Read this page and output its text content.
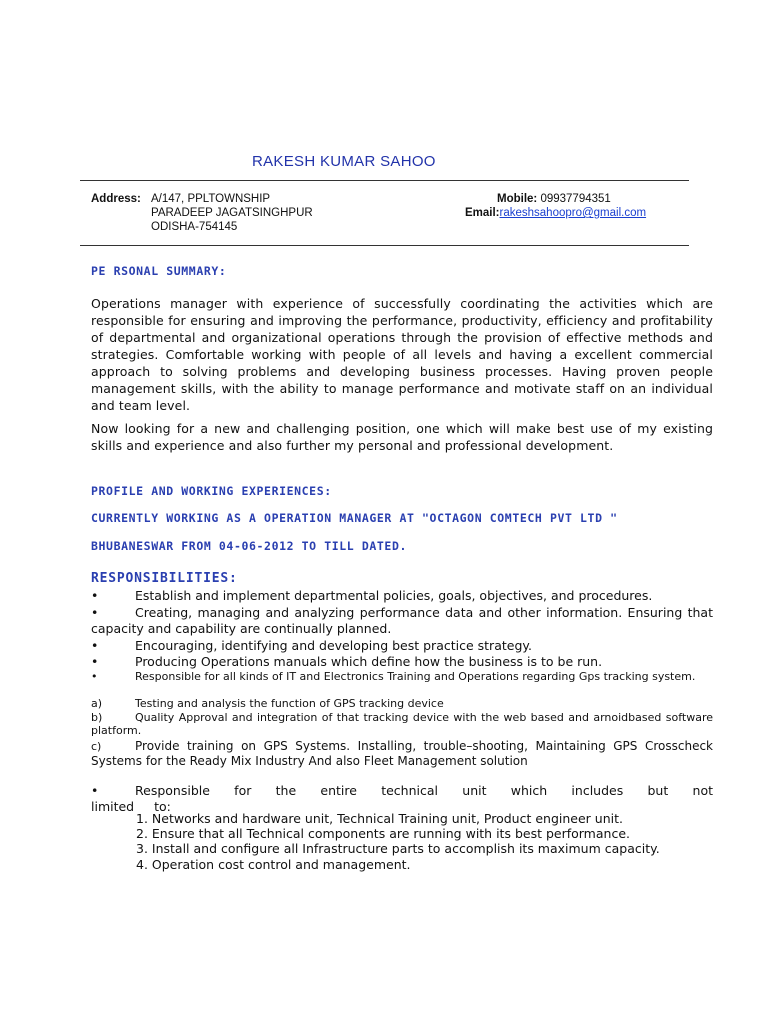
RAKESH KUMAR SAHOO
Address: A/147, PPLTOWNSHIP
PARADEEP JAGATSINGHPUR
ODISHA-754145
Mobile: 09937794351
Email:rakeshsahoopro@gmail.com
PE RSONAL SUMMARY:
Operations manager with experience of successfully coordinating the activities which are responsible for ensuring and improving the performance, productivity, efficiency and profitability of departmental and organizational operations through the provision of effective methods and strategies. Comfortable working with people of all levels and having a excellent commercial approach to solving problems and developing business processes. Having proven people management skills, with the ability to manage performance and motivate staff on an individual and team level.
Now looking for a new and challenging position, one which will make best use of my existing skills and experience and also further my personal and professional development.
PROFILE AND WORKING EXPERIENCES:
CURRENTLY WORKING AS A OPERATION MANAGER AT "OCTAGON COMTECH PVT LTD "
BHUBANESWAR FROM 04-06-2012 TO TILL DATED.
RESPONSIBILITIES:
•	Establish and implement departmental policies, goals, objectives, and procedures.
•	Creating, managing and analyzing performance data and other information. Ensuring that capacity and capability are continually planned.
•	Encouraging, identifying and developing best practice strategy.
•	Producing Operations manuals which define how the business is to be run.
•	Responsible for all kinds of IT and Electronics Training and Operations regarding Gps tracking system.
a)	Testing and analysis the function of GPS tracking device
b)	Quality Approval and integration of that tracking device with the web based and arnoidbased software platform.
c)	Provide training on GPS Systems. Installing, trouble–shooting, Maintaining GPS Crosscheck Systems for the Ready Mix Industry And also Fleet Management solution
•	Responsible for the entire technical unit which includes but not limited to:
1. Networks and hardware unit, Technical Training unit, Product engineer unit.
2. Ensure that all Technical components are running with its best performance.
3. Install and configure all Infrastructure parts to accomplish its maximum capacity.
4. Operation cost control and management.
